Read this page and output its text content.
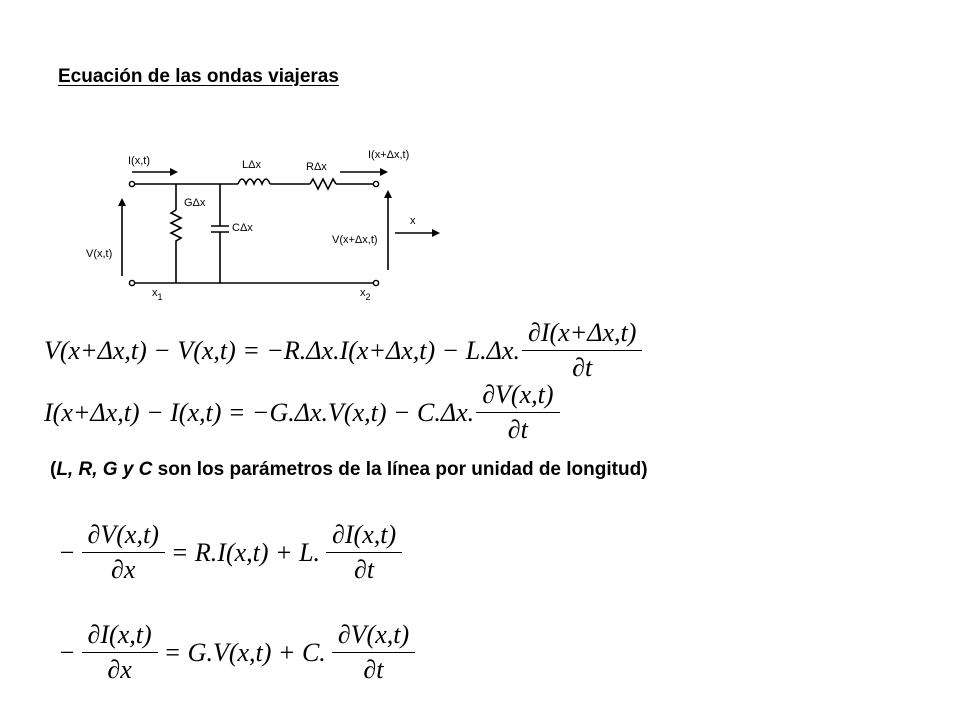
Ecuación de las ondas viajeras
I(x,t)	I(x+Δx,t)
LΔx	RΔx
GΔx
CΔx
V(x,t)
V(x+Δx,t)
x
$x_1$	$x_2$
V(x+Δx,t) − V(x,t) = −R.Δx.I(x+Δx,t) − L.Δx. $\frac{\partial I(x+\Delta x,t)}{\partial t}$
I(x+Δx,t) − I(x,t) = −G.Δx.V(x,t) − C.Δx. $\frac{\partial V(x,t)}{\partial t}$
(L, R, G y C son los parámetros de la línea por unidad de longitud)
− $\frac{\partial V(x,t)}{\partial x} = R.I(x,t) + L$. $\frac{\partial I(x,t)}{\partial t}$
− $\frac{\partial I(x,t)}{\partial x} = G.V(x,t) + C$. $\frac{\partial V(x,t)}{\partial t}$
